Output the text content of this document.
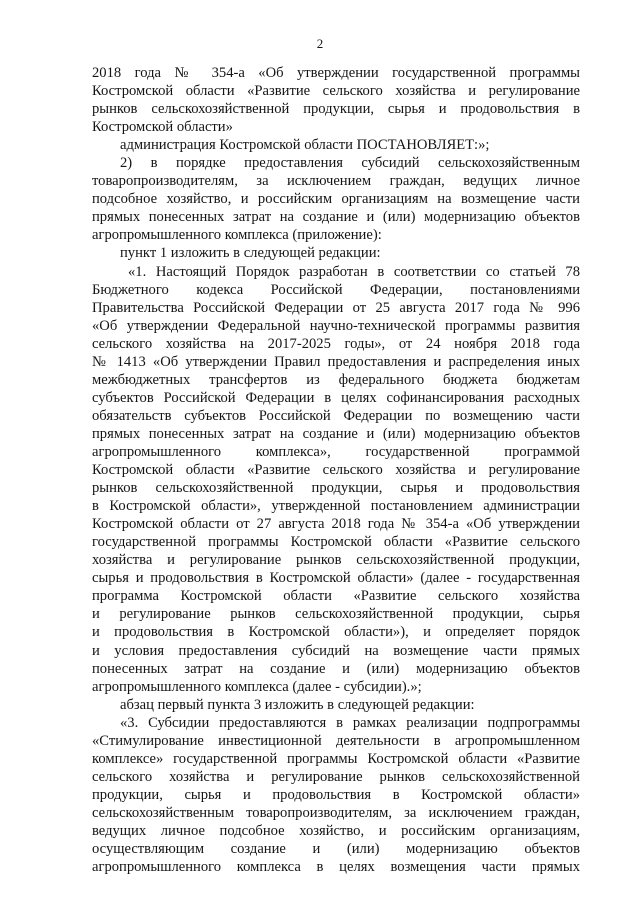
2
2018 года № 354-а «Об утверждении государственной программы
Костромской области «Развитие сельского хозяйства и регулирование
рынков сельскохозяйственной продукции, сырья и продовольствия в
Костромской области»
администрация Костромской области ПОСТАНОВЛЯЕТ:»;
2) в порядке предоставления субсидий сельскохозяйственным
товаропроизводителям, за исключением граждан, ведущих личное
подсобное хозяйство, и российским организациям на возмещение части
прямых понесенных затрат на создание и (или) модернизацию объектов
агропромышленного комплекса (приложение):
пункт 1 изложить в следующей редакции:
«1. Настоящий Порядок разработан в соответствии со статьей 78
Бюджетного кодекса Российской Федерации, постановлениями
Правительства Российской Федерации от 25 августа 2017 года № 996
«Об утверждении Федеральной научно-технической программы развития
сельского хозяйства на 2017-2025 годы», от 24 ноября 2018 года
№ 1413 «Об утверждении Правил предоставления и распределения иных
межбюджетных трансфертов из федерального бюджета бюджетам
субъектов Российской Федерации в целях софинансирования расходных
обязательств субъектов Российской Федерации по возмещению части
прямых понесенных затрат на создание и (или) модернизацию объектов
агропромышленного комплекса», государственной программой
Костромской области «Развитие сельского хозяйства и регулирование
рынков сельскохозяйственной продукции, сырья и продовольствия
в Костромской области», утвержденной постановлением администрации
Костромской области от 27 августа 2018 года № 354-а «Об утверждении
государственной программы Костромской области «Развитие сельского
хозяйства и регулирование рынков сельскохозяйственной продукции,
сырья и продовольствия в Костромской области» (далее - государственная
программа Костромской области «Развитие сельского хозяйства
и регулирование рынков сельскохозяйственной продукции, сырья
и продовольствия в Костромской области»), и определяет порядок
и условия предоставления субсидий на возмещение части прямых
понесенных затрат на создание и (или) модернизацию объектов
агропромышленного комплекса (далее - субсидии).»;
абзац первый пункта 3 изложить в следующей редакции:
«3. Субсидии предоставляются в рамках реализации подпрограммы
«Стимулирование инвестиционной деятельности в агропромышленном
комплексе» государственной программы Костромской области «Развитие
сельского хозяйства и регулирование рынков сельскохозяйственной
продукции, сырья и продовольствия в Костромской области»
сельскохозяйственным товаропроизводителям, за исключением граждан,
ведущих личное подсобное хозяйство, и российским организациям,
осуществляющим создание и (или) модернизацию объектов
агропромышленного комплекса в целях возмещения части прямых
